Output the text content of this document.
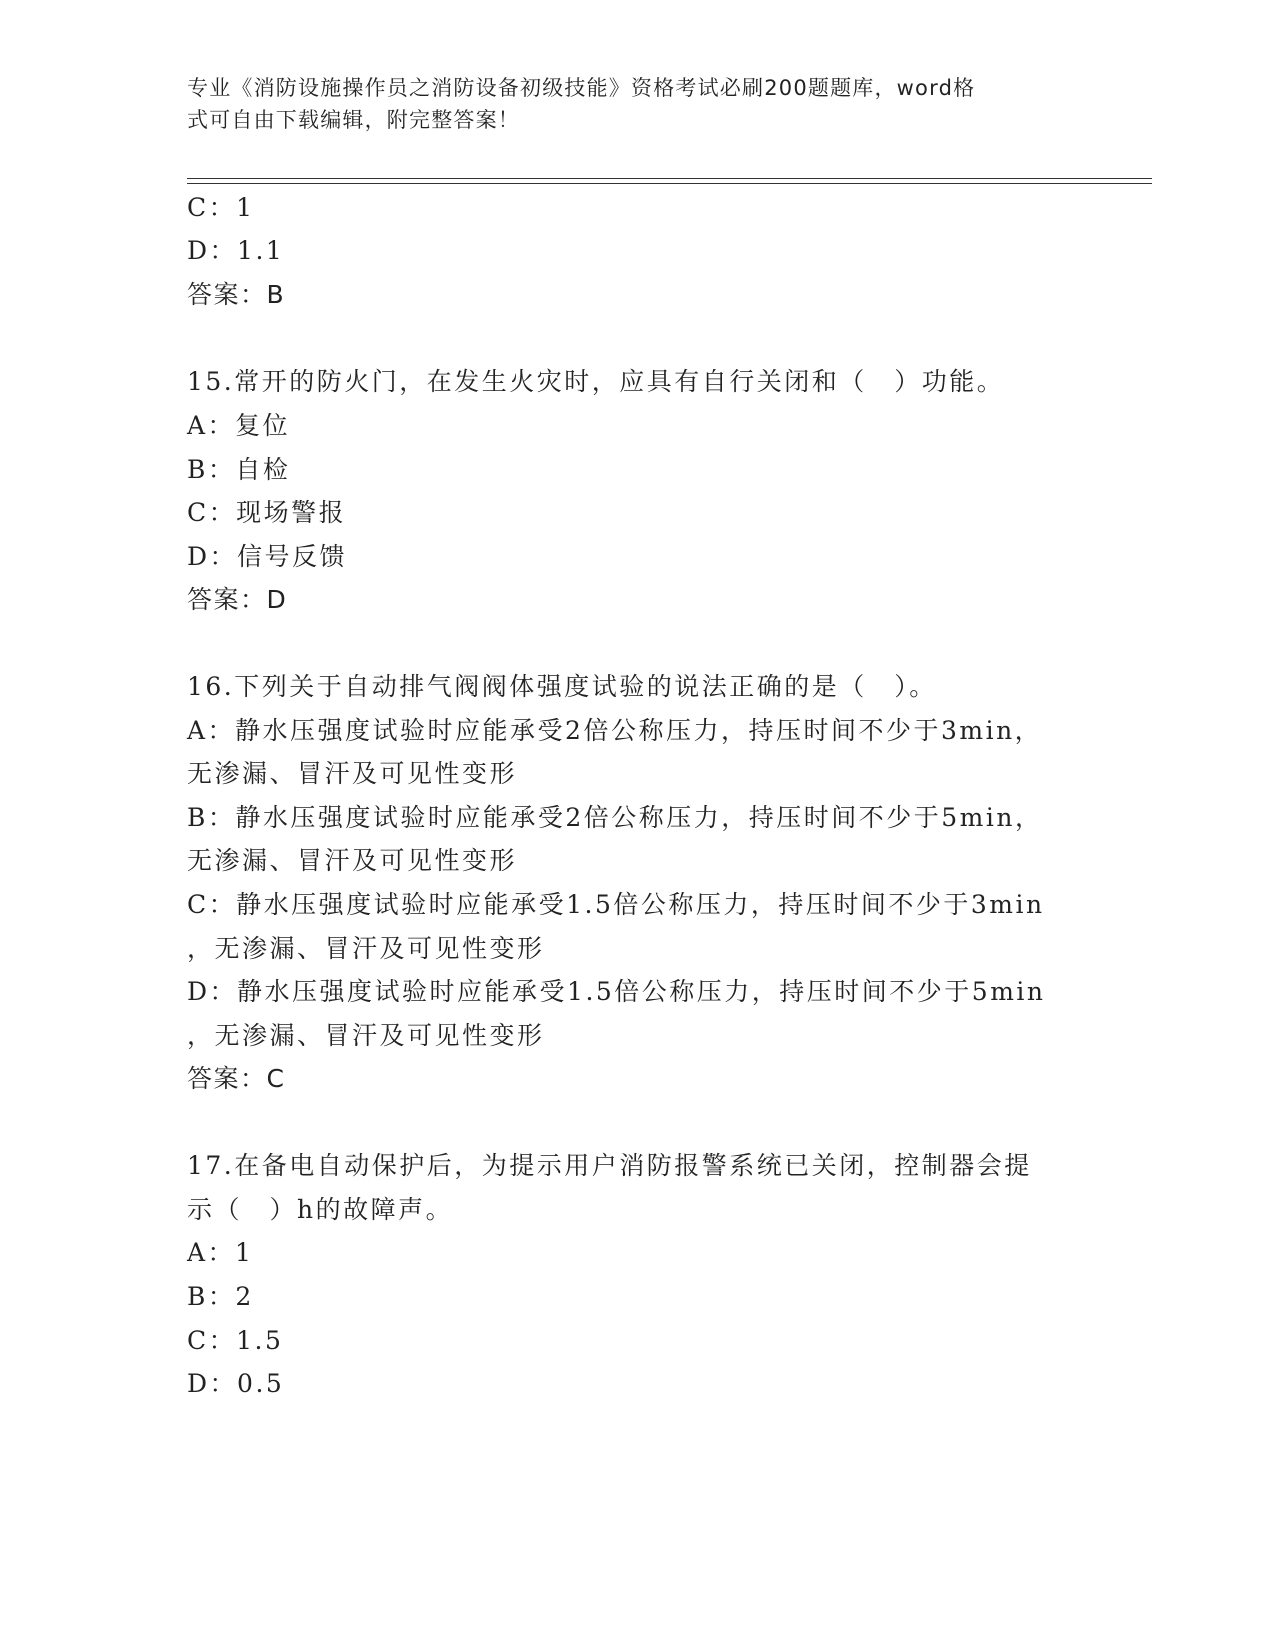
专业《消防设施操作员之消防设备初级技能》资格考试必刷200题题库，word格
式可自由下载编辑，附完整答案！
C：1
D：1.1
答案：B
15.常开的防火门，在发生火灾时，应具有自行关闭和（　）功能。
A：复位
B：自检
C：现场警报
D：信号反馈
答案：D
16.下列关于自动排气阀阀体强度试验的说法正确的是（　）。
A：静水压强度试验时应能承受2倍公称压力，持压时间不少于3min，
无渗漏、冒汗及可见性变形
B：静水压强度试验时应能承受2倍公称压力，持压时间不少于5min，
无渗漏、冒汗及可见性变形
C：静水压强度试验时应能承受1.5倍公称压力，持压时间不少于3min
，无渗漏、冒汗及可见性变形
D：静水压强度试验时应能承受1.5倍公称压力，持压时间不少于5min
，无渗漏、冒汗及可见性变形
答案：C
17.在备电自动保护后，为提示用户消防报警系统已关闭，控制器会提
示（　）h的故障声。
A：1
B：2
C：1.5
D：0.5
